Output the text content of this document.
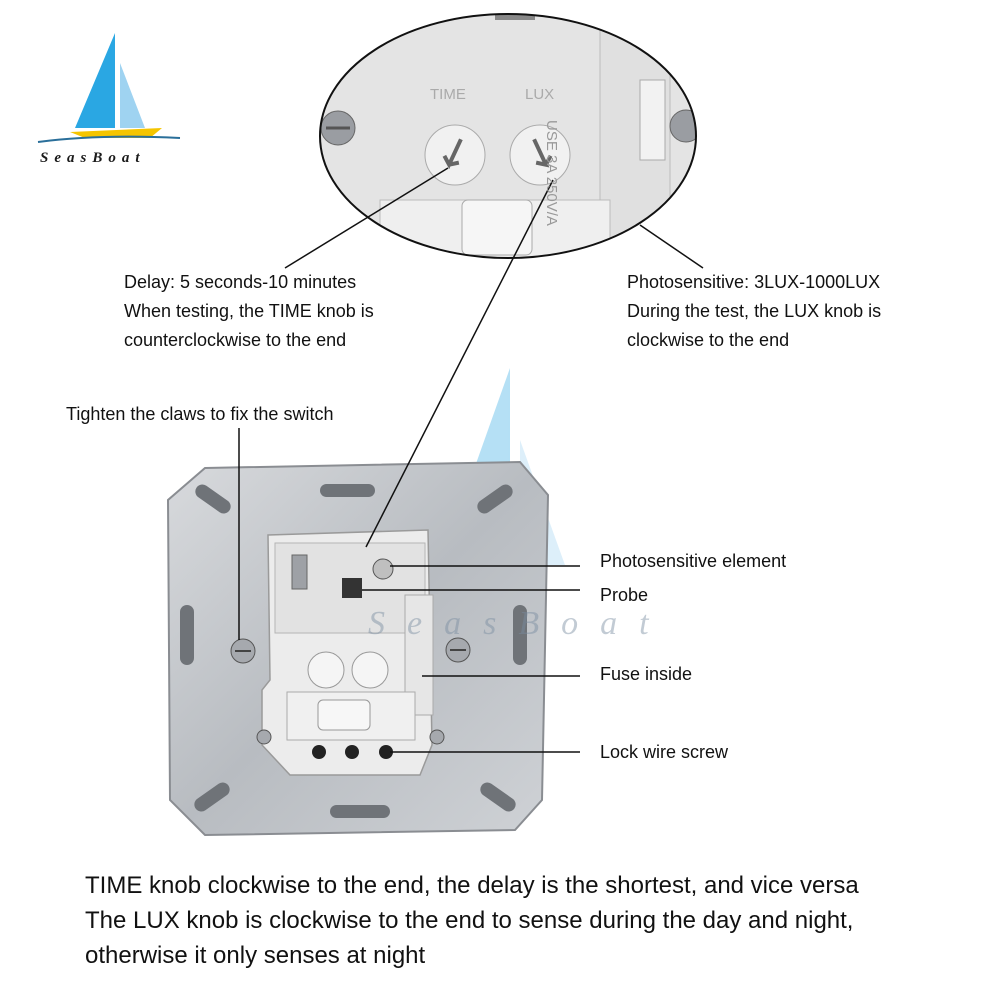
SeasBoat
SeasBoat
Delay: 5 seconds-10 minutes
When testing, the TIME knob is
counterclockwise to the end
Photosensitive: 3LUX-1000LUX
During the test, the LUX knob is
clockwise to the end
Tighten the claws to fix the switch
Photosensitive element
Probe
Fuse inside
Lock wire screw
TIME	LUX
USE 3A 250V/A
TIME knob clockwise to the end, the delay is the shortest, and vice versa
The LUX knob is clockwise to the end to sense during the day and night,
otherwise it only senses at night
